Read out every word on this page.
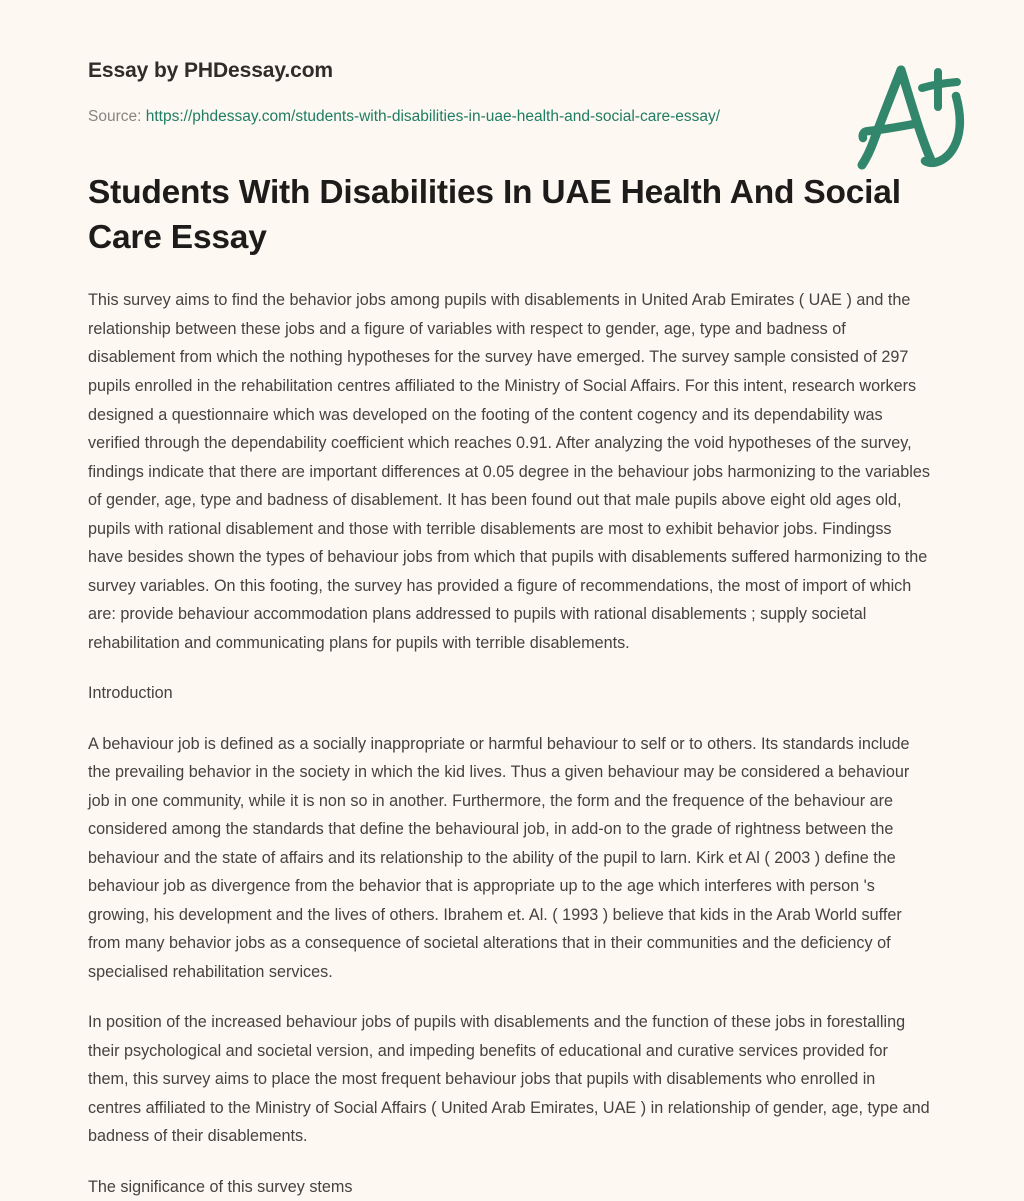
Essay by PHDessay.com
Source: https://phdessay.com/students-with-disabilities-in-uae-health-and-social-care-essay/
Students With Disabilities In UAE Health And Social Care Essay

This survey aims to find the behavior jobs among pupils with disablements in United Arab Emirates ( UAE ) and the relationship between these jobs and a figure of variables with respect to gender, age, type and badness of disablement from which the nothing hypotheses for the survey have emerged. The survey sample consisted of 297 pupils enrolled in the rehabilitation centres affiliated to the Ministry of Social Affairs. For this intent, research workers designed a questionnaire which was developed on the footing of the content cogency and its dependability was verified through the dependability coefficient which reaches 0.91. After analyzing the void hypotheses of the survey, findings indicate that there are important differences at 0.05 degree in the behaviour jobs harmonizing to the variables of gender, age, type and badness of disablement. It has been found out that male pupils above eight old ages old, pupils with rational disablement and those with terrible disablements are most to exhibit behavior jobs. Findingss have besides shown the types of behaviour jobs from which that pupils with disablements suffered harmonizing to the survey variables. On this footing, the survey has provided a figure of recommendations, the most of import of which are: provide behaviour accommodation plans addressed to pupils with rational disablements ; supply societal rehabilitation and communicating plans for pupils with terrible disablements.

Introduction

A behaviour job is defined as a socially inappropriate or harmful behaviour to self or to others. Its standards include the prevailing behavior in the society in which the kid lives. Thus a given behaviour may be considered a behaviour job in one community, while it is non so in another. Furthermore, the form and the frequence of the behaviour are considered among the standards that define the behavioural job, in add-on to the grade of rightness between the behaviour and the state of affairs and its relationship to the ability of the pupil to larn. Kirk et Al ( 2003 ) define the behaviour job as divergence from the behavior that is appropriate up to the age which interferes with person 's growing, his development and the lives of others. Ibrahem et. Al. ( 1993 ) believe that kids in the Arab World suffer from many behavior jobs as a consequence of societal alterations that in their communities and the deficiency of specialised rehabilitation services.

In position of the increased behaviour jobs of pupils with disablements and the function of these jobs in forestalling their psychological and societal version, and impeding benefits of educational and curative services provided for them, this survey aims to place the most frequent behaviour jobs that pupils with disablements who enrolled in centres affiliated to the Ministry of Social Affairs ( United Arab Emirates, UAE ) in relationship of gender, age, type and badness of their disablements.

The significance of this survey stems
